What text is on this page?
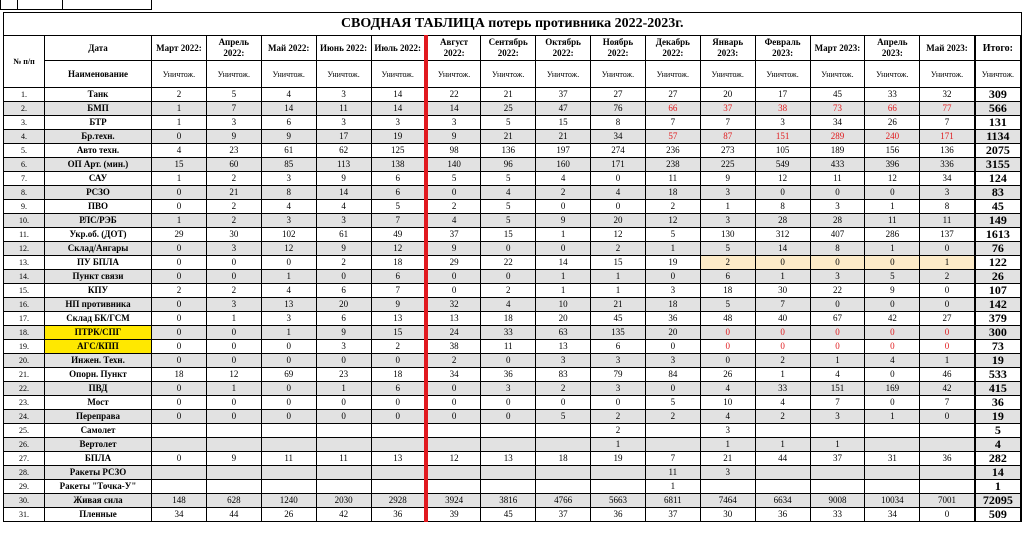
СВОДНАЯ ТАБЛИЦА потерь противника 2022-2023г.																	
№ п/п	Дата	Март 2022:	Апрель 2022:	Май 2022:	Июнь 2022:	Июль 2022:	Август 2022:	Сентябрь 2022:	Октябрь 2022:	Ноябрь 2022:	Декабрь 2022:	Январь 2023:	Февраль 2023:	Март 2023:	Апрель 2023:	Май 2023:	Итого:
	Наименование	Уничтож.	Уничтож.	Уничтож.	Уничтож.	Уничтож.	Уничтож.	Уничтож.	Уничтож.	Уничтож.	Уничтож.	Уничтож.	Уничтож.	Уничтож.	Уничтож.	Уничтож.	Уничтож.
1.	Танк	2	5	4	3	14	22	21	37	27	27	20	17	45	33	32	309
2.	БМП	1	7	14	11	14	14	25	47	76	66	37	38	73	66	77	566
3.	БТР	1	3	6	3	3	3	5	15	8	7	7	3	34	26	7	131
4.	Бр.техн.	0	9	9	17	19	9	21	21	34	57	87	151	289	240	171	1134
5.	Авто техн.	4	23	61	62	125	98	136	197	274	236	273	105	189	156	136	2075
6.	ОП Арт. (мин.)	15	60	85	113	138	140	96	160	171	238	225	549	433	396	336	3155
7.	САУ	1	2	3	9	6	5	5	4	0	11	9	12	11	12	34	124
8.	РСЗО	0	21	8	14	6	0	4	2	4	18	3	0	0	0	3	83
9.	ПВО	0	2	4	4	5	2	5	0	0	2	1	8	3	1	8	45
10.	РЛС/РЭБ	1	2	3	3	7	4	5	9	20	12	3	28	28	11	11	149
11.	Укр.об. (ДОТ)	29	30	102	61	49	37	15	1	12	5	130	312	407	286	137	1613
12.	Склад/Ангары	0	3	12	9	12	9	0	0	2	1	5	14	8	1	0	76
13.	ПУ БПЛА	0	0	0	2	18	29	22	14	15	19	2	0	0	0	1	122
14.	Пункт связи	0	0	1	0	6	0	0	1	1	0	6	1	3	5	2	26
15.	КПУ	2	2	4	6	7	0	2	1	1	3	18	30	22	9	0	107
16.	НП противника	0	3	13	20	9	32	4	10	21	18	5	7	0	0	0	142
17.	Склад БК/ГСМ	0	1	3	6	13	13	18	20	45	36	48	40	67	42	27	379
18.	ПТРК/СПГ	0	0	1	9	15	24	33	63	135	20	0	0	0	0	0	300
19.	АГС/КПП	0	0	0	3	2	38	11	13	6	0	0	0	0	0	0	73
20.	Инжен. Техн.	0	0	0	0	0	2	0	3	3	3	0	2	1	4	1	19
21.	Опорн. Пункт	18	12	69	23	18	34	36	83	79	84	26	1	4	0	46	533
22.	ПВД	0	1	0	1	6	0	3	2	3	0	4	33	151	169	42	415
23.	Мост	0	0	0	0	0	0	0	0	0	5	10	4	7	0	7	36
24.	Переправа	0	0	0	0	0	0	0	5	2	2	4	2	3	1	0	19
25.	Самолет									2		3					5
26.	Вертолет									1		1	1	1			4
27.	БПЛА	0	9	11	11	13	12	13	18	19	7	21	44	37	31	36	282
28.	Ракеты РСЗО										11	3					14
29.	Ракеты "Точка-У"										1						1
30.	Живая сила	148	628	1240	2030	2928	3924	3816	4766	5663	6811	7464	6634	9008	10034	7001	72095
31.	Пленные	34	44	26	42	36	39	45	37	36	37	30	36	33	34	0	509
